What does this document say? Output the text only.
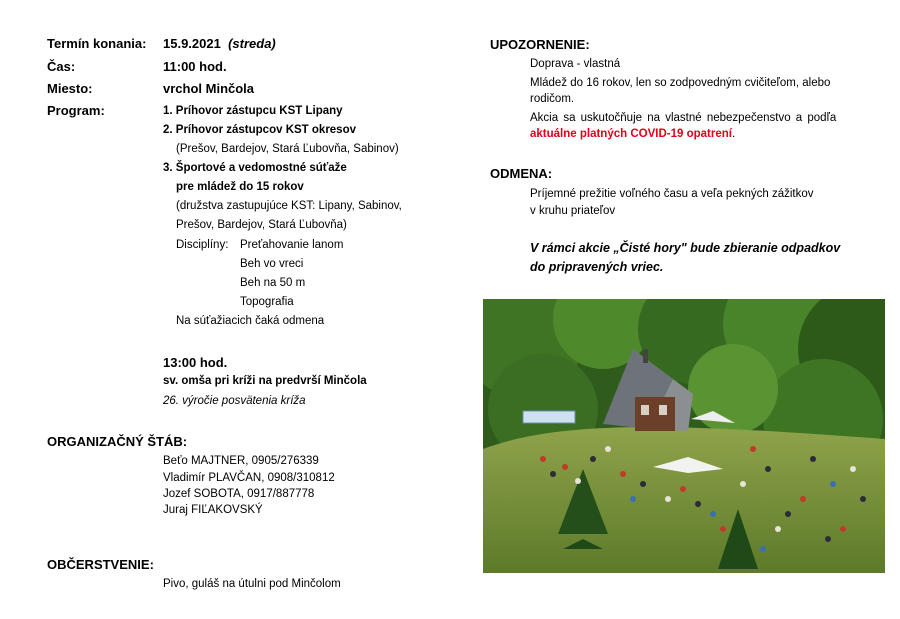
Termín konania: 15.9.2021 (streda)
Čas:	11:00 hod.
Miesto:	vrchol Minčola
Program:	1. Príhovor zástupcu KST Lipany
2. Príhovor zástupcov KST okresov
(Prešov, Bardejov, Stará Ľubovňa, Sabinov)
3. Športové a vedomostné súťaže
pre mládež do 15 rokov
(družstva zastupujúce KST: Lipany, Sabinov,
Prešov, Bardejov, Stará Ľubovňa)
Disciplíny: Preťahovanie lanom
Beh vo vreci
Beh na 50 m
Topografia
Na súťažiacich čaká odmena
13:00 hod.
sv. omša pri kríži na predvrší Minčola
26. výročie posvätenia kríža
ORGANIZAČNÝ ŠTÁB:
Beťo MAJTNER, 0905/276339
Vladimír PLAVČAN, 0908/310812
Jozef SOBOTA, 0917/887778
Juraj FIĽAKOVSKÝ
OBČERSTVENIE:
Pivo, guláš na útulni pod Minčolom
UPOZORNENIE:
Doprava - vlastná
Mládež do 16 rokov, len so zodpovedným cvičiteľom, alebo
rodičom.
Akcia sa uskutočňuje na vlastné nebezpečenstvo a podľa
aktuálne platných COVID-19 opatrení.
ODMENA:
Príjemné prežitie voľného času a veľa pekných zážitkov
v kruhu priateľov
V rámci akcie „Čisté hory" bude zbieranie odpadkov
do pripravených vriec.
